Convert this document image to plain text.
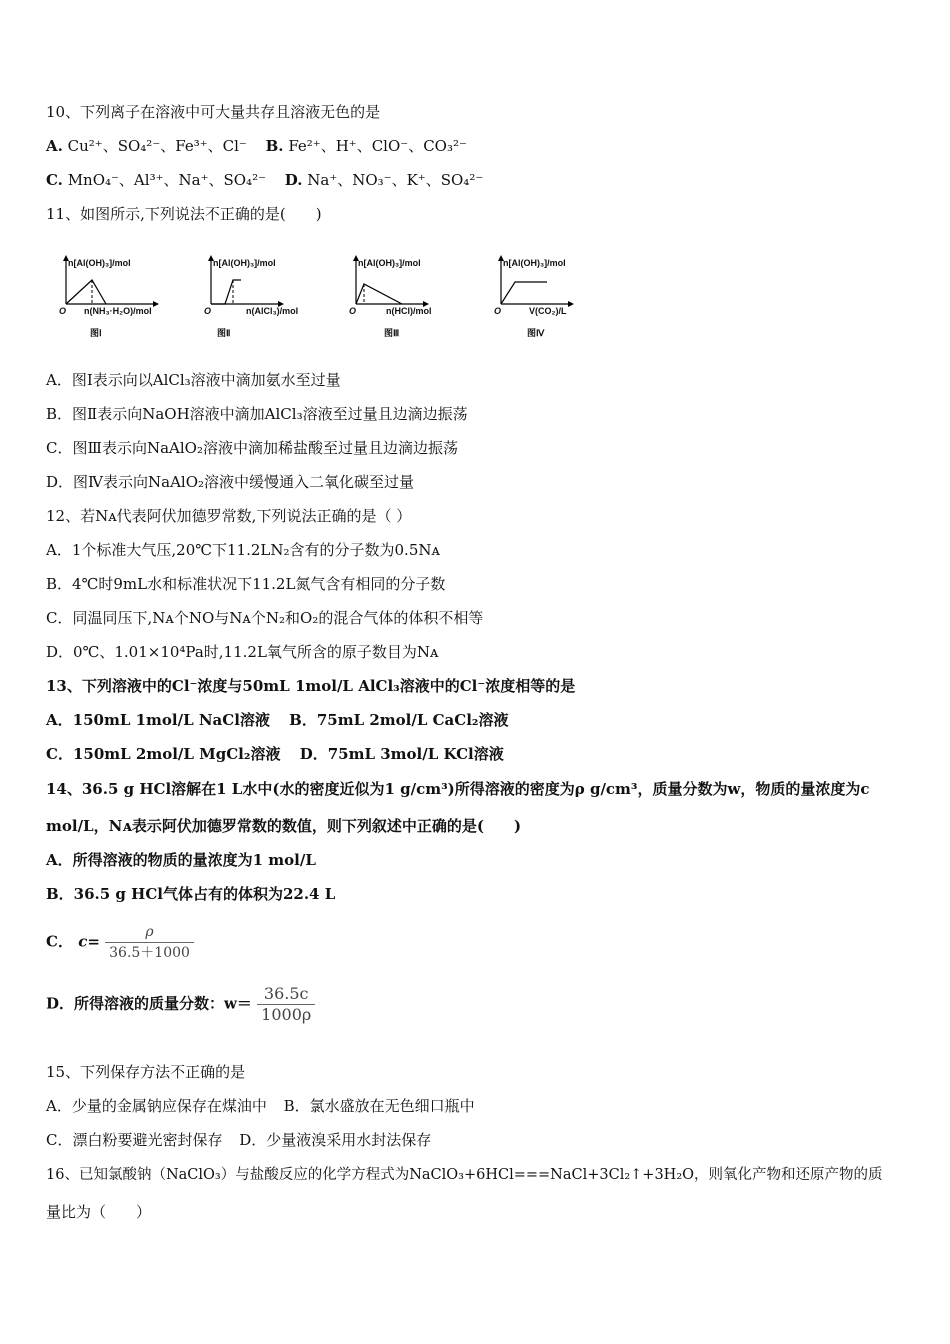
10、下列离子在溶液中可大量共存且溶液无色的是
A. Cu²⁺、SO₄²⁻、Fe³⁺、Cl⁻ B. Fe²⁺、H⁺、ClO⁻、CO₃²⁻
C. MnO₄⁻、Al³⁺、Na⁺、SO₄²⁻ D. Na⁺、NO₃⁻、K⁺、SO₄²⁻
11、如图所示,下列说法不正确的是(　　)
n[Al(OH)₃]/mol
O n(NH₃·H₂O)/mol
图Ⅰ
n[Al(OH)₃]/mol
O	n(AlCl₃)/mol
图Ⅱ
n[Al(OH)₃]/mol
O	n(HCl)/mol
图Ⅲ
n[Al(OH)₃]/mol
O	V(CO₂)/L
图Ⅳ
A．图Ⅰ表示向以AlCl₃溶液中滴加氨水至过量
B．图Ⅱ表示向NaOH溶液中滴加AlCl₃溶液至过量且边滴边振荡
C．图Ⅲ表示向NaAlO₂溶液中滴加稀盐酸至过量且边滴边振荡
D．图Ⅳ表示向NaAlO₂溶液中缓慢通入二氧化碳至过量
12、若Nᴀ代表阿伏加德罗常数,下列说法正确的是（ ）
A．1个标准大气压,20℃下11.2LN₂含有的分子数为0.5Nᴀ
B．4℃时9mL水和标准状况下11.2L氮气含有相同的分子数
C．同温同压下,Nᴀ个NO与Nᴀ个N₂和O₂的混合气体的体积不相等
D．0℃、1.01×10⁴Pa时,11.2L氧气所含的原子数目为Nᴀ
13、下列溶液中的Cl⁻浓度与50mL 1mol/L AlCl₃溶液中的Cl⁻浓度相等的是
A．150mL 1mol/L NaCl溶液 B．75mL 2mol/L CaCl₂溶液
C．150mL 2mol/L MgCl₂溶液 D．75mL 3mol/L KCl溶液
14、36.5 g HCl溶解在1 L水中(水的密度近似为1 g/cm³)所得溶液的密度为ρ g/cm³，质量分数为w，物质的量浓度为c
mol/L，Nᴀ表示阿伏加德罗常数的数值，则下列叙述中正确的是(　　)
A．所得溶液的物质的量浓度为1 mol/L
B．36.5 g HCl气体占有的体积为22.4 L
C． $c= \frac{\rho}{36.5+1000}$
D．所得溶液的质量分数：$w= \frac{36.5c}{1000\rho}$
15、下列保存方法不正确的是
A．少量的金属钠应保存在煤油中 B．氯水盛放在无色细口瓶中
C．漂白粉要避光密封保存 D．少量液溴采用水封法保存
16、已知氯酸钠（NaClO₃）与盐酸反应的化学方程式为NaClO₃+6HCl===NaCl+3Cl₂↑+3H₂O，则氧化产物和还原产物的质
量比为（　　）
